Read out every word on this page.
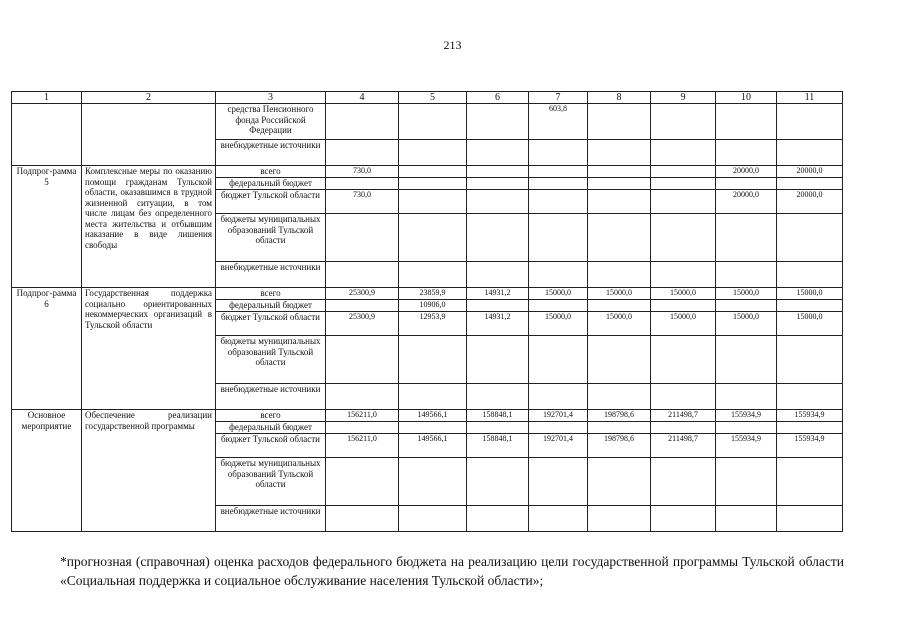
213
1	2	3	4	5	6	7	8	9	10	11
		средства Пенсионного фонда Российской Федерации				603,8				
		внебюджетные источники								
Подпрог-рамма 5	Комплексные меры по оказанию помощи гражданам Тульской области, оказавшимся в трудной жизненной ситуации, в том числе лицам без определенного места жительства и отбывшим наказание в виде лишения свободы	всего	730,0						20000,0	20000,0
		федеральный бюджет								
		бюджет Тульской области	730,0						20000,0	20000,0
		бюджеты муниципальных образований Тульской области								
		внебюджетные источники								
Подпрог-рамма 6	Государственная поддержка социально ориентированных некоммерческих организаций в Тульской области	всего	25300,9	23859,9	14931,2	15000,0	15000,0	15000,0	15000,0	15000,0
		федеральный бюджет		10906,0						
		бюджет Тульской области	25300,9	12953,9	14931,2	15000,0	15000,0	15000,0	15000,0	15000,0
		бюджеты муниципальных образований Тульской области								
		внебюджетные источники								
Основное мероприятие	Обеспечение реализации государственной программы	всего	156211,0	149566,1	158848,1	192701,4	198798,6	211498,7	155934,9	155934,9
		федеральный бюджет								
		бюджет Тульской области	156211,0	149566,1	158848,1	192701,4	198798,6	211498,7	155934,9	155934,9
		бюджеты муниципальных образований Тульской области								
		внебюджетные источники								

*прогнозная (справочная) оценка расходов федерального бюджета на реализацию цели государственной программы Тульской области «Социальная поддержка и социальное обслуживание населения Тульской области»;
